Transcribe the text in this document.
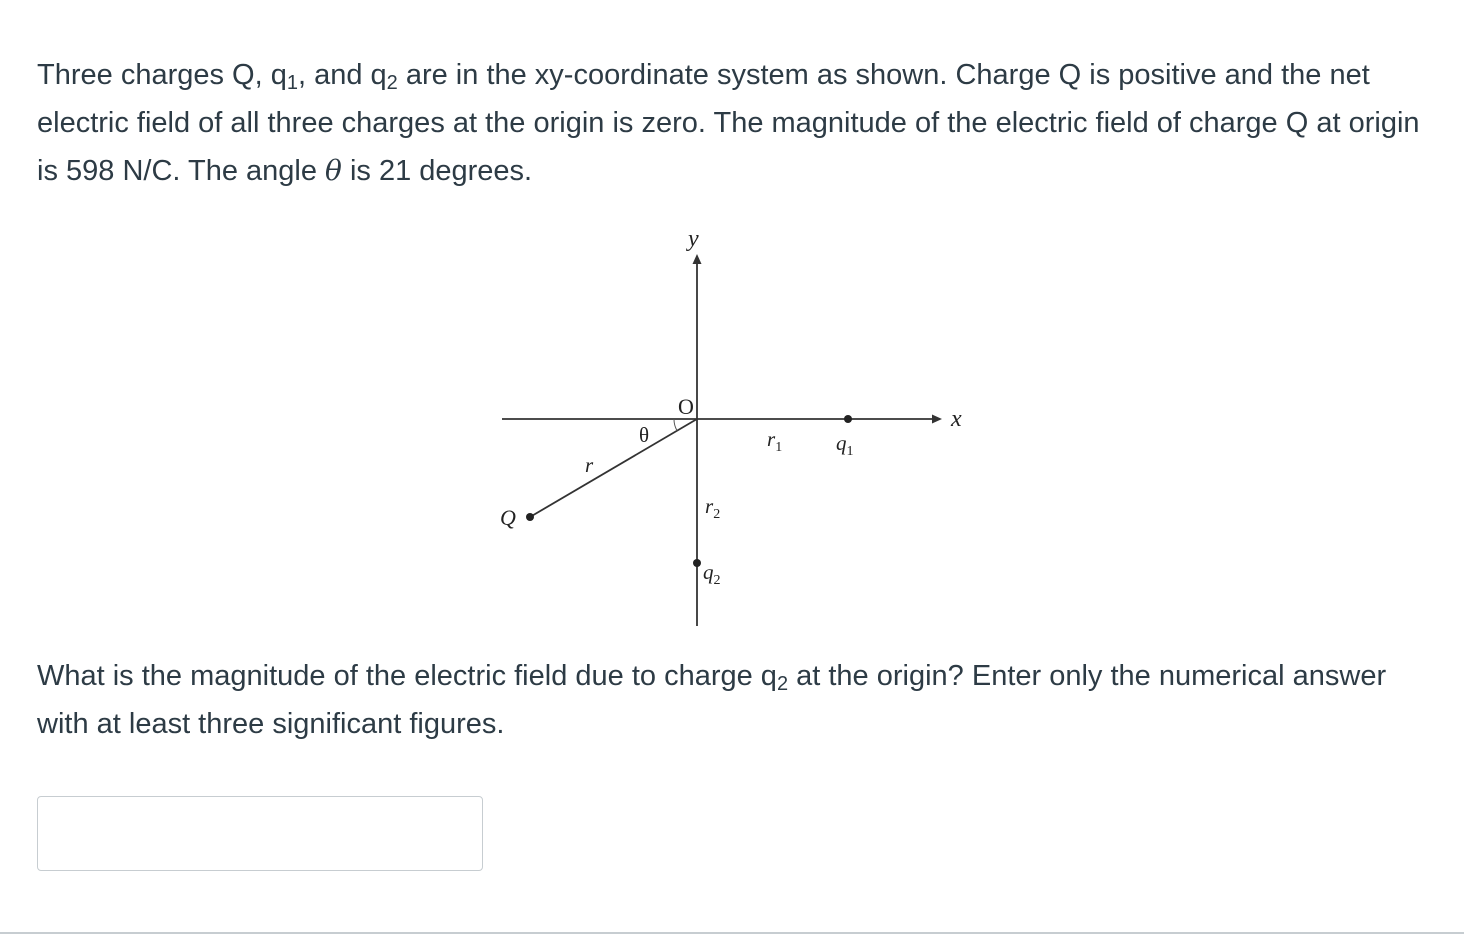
Three charges Q, $q_1$, and $q_2$ are in the xy-coordinate system as shown. Charge Q is positive and the net electric field of all three charges at the origin is zero. The magnitude of the electric field of charge Q at origin is 598 N/C. The angle θ is 21 degrees.

y
x
O
θ
r
$r_1$	$q_1$
$r_2$
$q_2$
Q

What is the magnitude of the electric field due to charge $q_2$ at the origin? Enter only the numerical answer with at least three significant figures.
